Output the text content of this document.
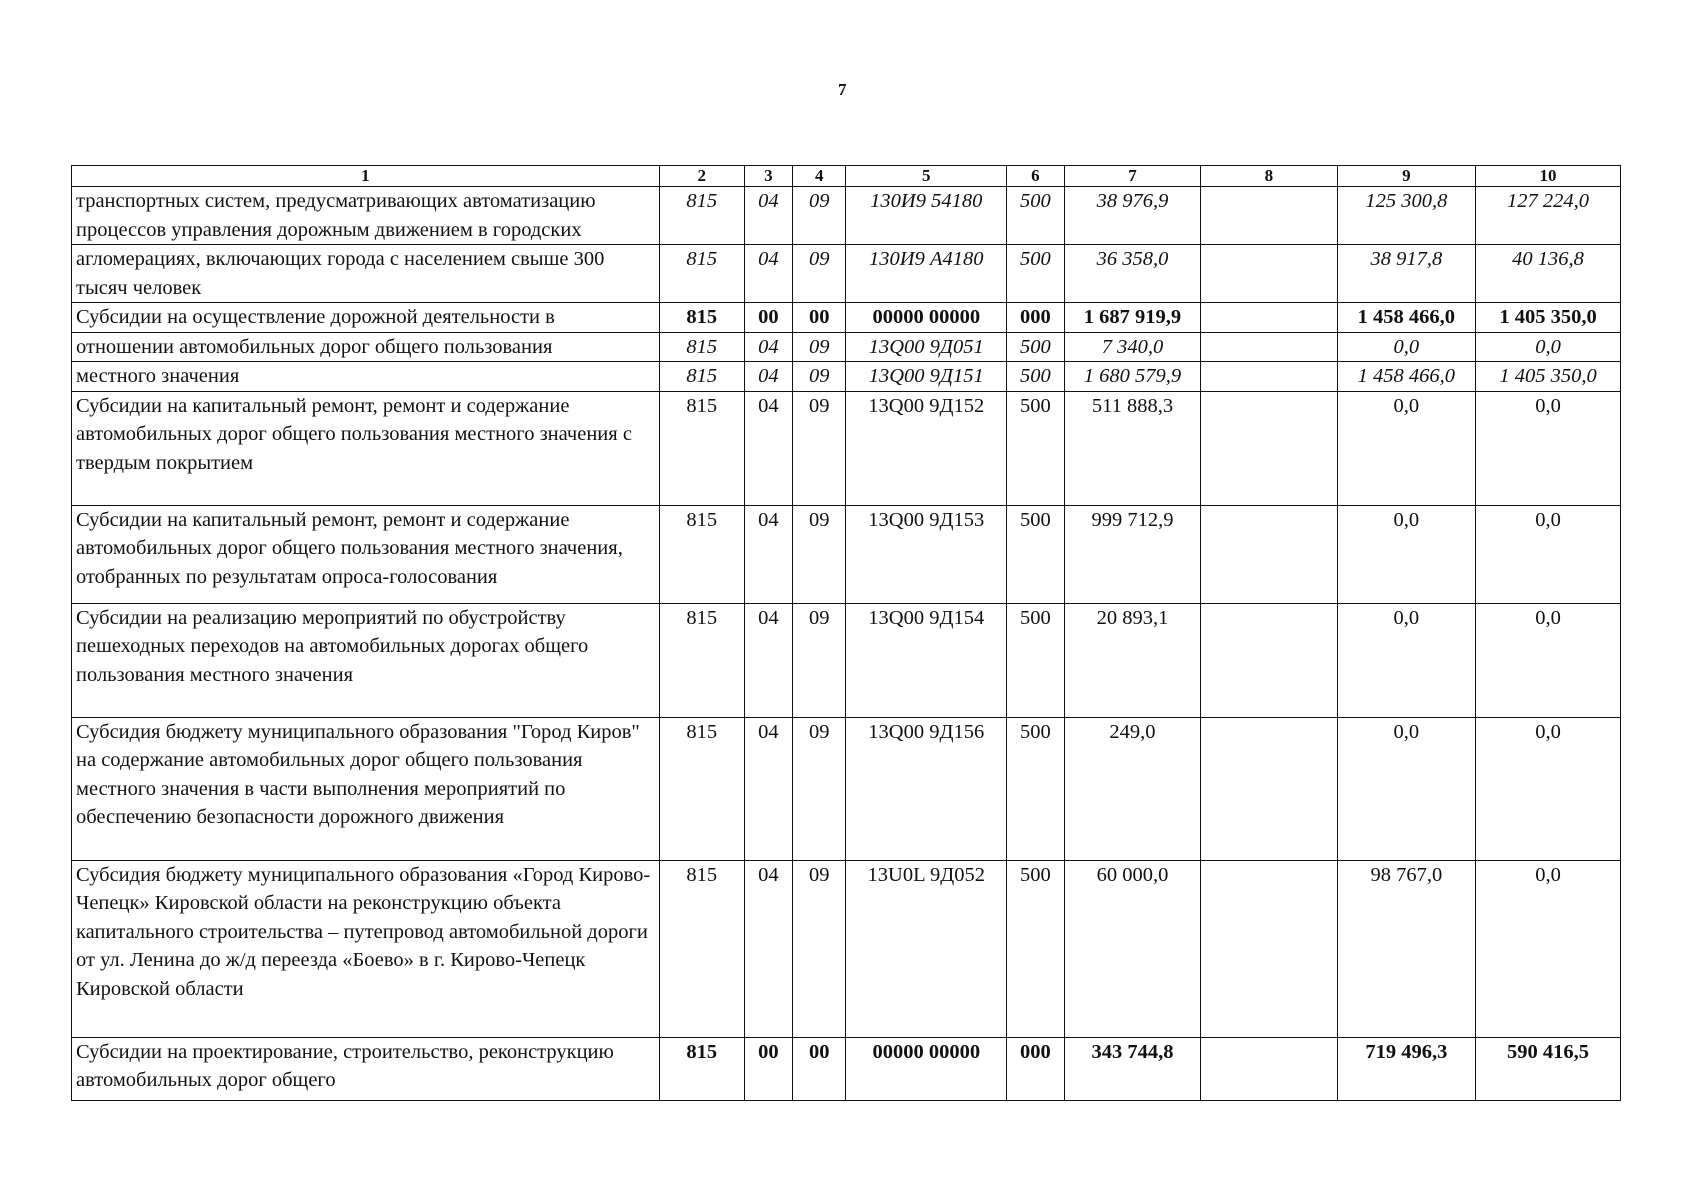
7
1	2	3	4	5	6	7	8	9	10
транспортных систем, предусматривающих автоматизацию процессов управления дорожным движением в городских	815	04	09	130И9 54180	500	38 976,9		125 300,8	127 224,0
агломерациях, включающих города с населением свыше 300 тысяч человек	815	04	09	130И9 А4180	500	36 358,0		38 917,8	40 136,8
Субсидии на осуществление дорожной деятельности в	815	00	00	00000 00000	000	1 687 919,9		1 458 466,0	1 405 350,0
отношении автомобильных дорог общего пользования	815	04	09	13Q00 9Д051	500	7 340,0		0,0	0,0
местного значения	815	04	09	13Q00 9Д151	500	1 680 579,9		1 458 466,0	1 405 350,0
Субсидии на капитальный ремонт, ремонт и содержание автомобильных дорог общего пользования местного значения с твердым покрытием	815	04	09	13Q00 9Д152	500	511 888,3		0,0	0,0
Субсидии на капитальный ремонт, ремонт и содержание автомобильных дорог общего пользования местного значения, отобранных по результатам опроса-голосования	815	04	09	13Q00 9Д153	500	999 712,9		0,0	0,0
Субсидии на реализацию мероприятий по обустройству пешеходных переходов на автомобильных дорогах общего пользования местного значения	815	04	09	13Q00 9Д154	500	20 893,1		0,0	0,0
Субсидия бюджету муниципального образования "Город Киров" на содержание автомобильных дорог общего пользования местного значения в части выполнения мероприятий по обеспечению безопасности дорожного движения	815	04	09	13Q00 9Д156	500	249,0		0,0	0,0
Субсидия бюджету муниципального образования «Город Кирово-Чепецк» Кировской области на реконструкцию объекта капитального строительства – путепровод автомобильной дороги от ул. Ленина до ж/д переезда «Боево» в г. Кирово-Чепецк Кировской области	815	04	09	13U0L 9Д052	500	60 000,0		98 767,0	0,0
Субсидии на проектирование, строительство, реконструкцию автомобильных дорог общего	815	00	00	00000 00000	000	343 744,8		719 496,3	590 416,5
